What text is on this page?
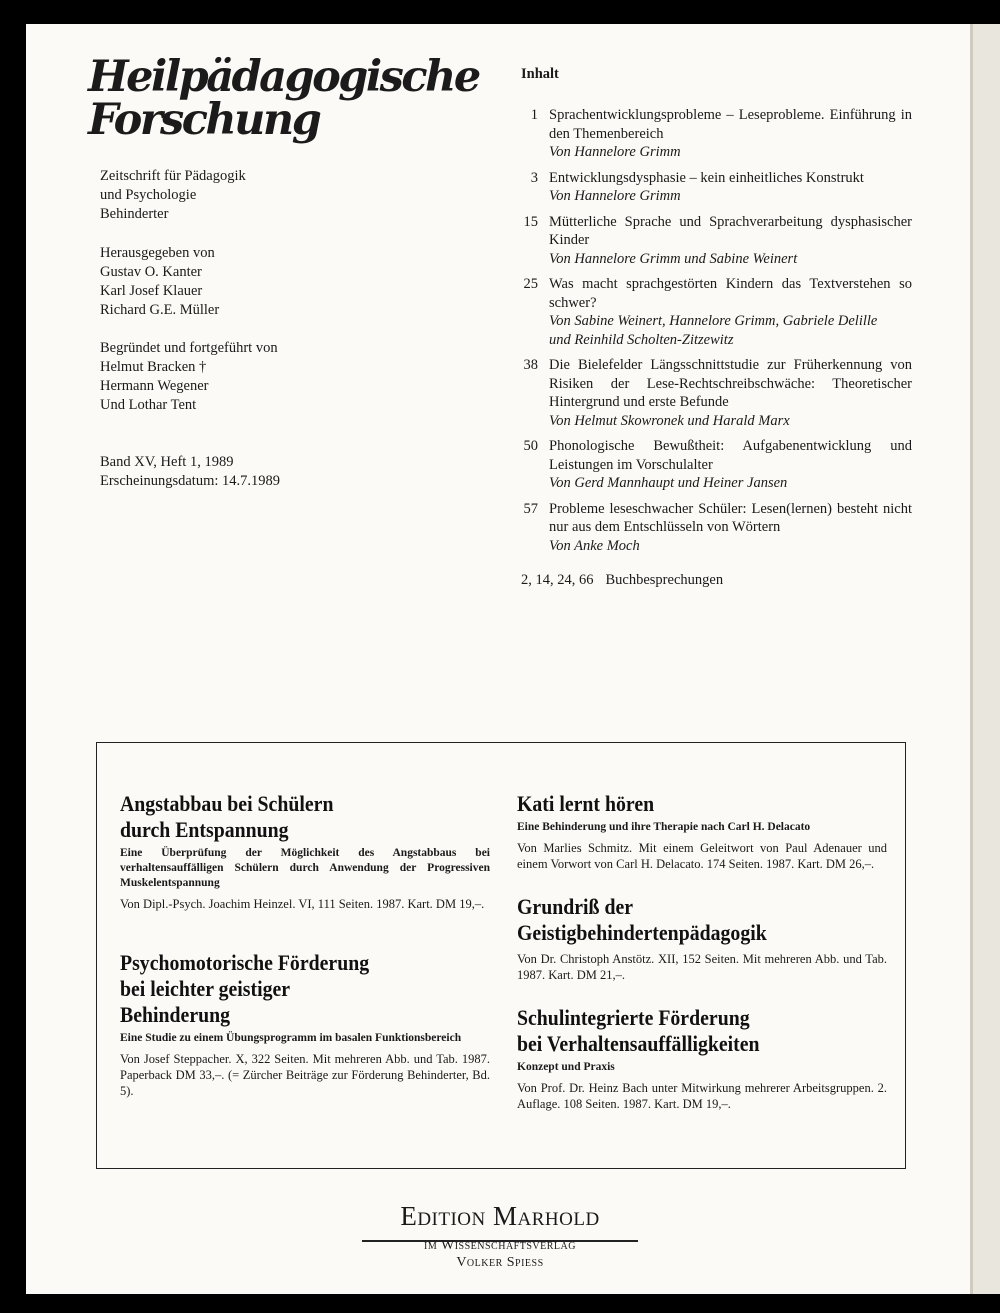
Heilpädagogische
Forschung
Zeitschrift für Pädagogik
und Psychologie
Behinderter
Herausgegeben von
Gustav O. Kanter
Karl Josef Klauer
Richard G.E. Müller
Begründet und fortgeführt von
Helmut Bracken †
Hermann Wegener
Und Lothar Tent
Band XV, Heft 1, 1989
Erscheinungsdatum: 14.7.1989
Inhalt
1 Sprachentwicklungsprobleme – Leseprobleme. Einführung in den Themenbereich
Von Hannelore Grimm
3 Entwicklungsdysphasie – kein einheitliches Konstrukt
Von Hannelore Grimm
15 Mütterliche Sprache und Sprachverarbeitung dysphasischer Kinder
Von Hannelore Grimm und Sabine Weinert
25 Was macht sprachgestörten Kindern das Textverstehen so schwer?
Von Sabine Weinert, Hannelore Grimm, Gabriele Delille
und Reinhild Scholten-Zitzewitz
38 Die Bielefelder Längsschnittstudie zur Früherkennung von Risiken der Lese-Rechtschreibschwäche: Theoretischer Hintergrund und erste Befunde
Von Helmut Skowronek und Harald Marx
50 Phonologische Bewußtheit: Aufgabenentwicklung und Leistungen im Vorschulalter
Von Gerd Mannhaupt und Heiner Jansen
57 Probleme leseschwacher Schüler: Lesen(lernen) besteht nicht nur aus dem Entschlüsseln von Wörtern
Von Anke Moch
2, 14, 24, 66 Buchbesprechungen
Angstabbau bei Schülern
durch Entspannung
Eine Überprüfung der Möglichkeit des Angstabbaus bei verhaltensauffälligen Schülern durch Anwendung der Progressiven Muskelentspannung
Von Dipl.-Psych. Joachim Heinzel. VI, 111 Seiten. 1987. Kart. DM 19,–.
Psychomotorische Förderung
bei leichter geistiger
Behinderung
Eine Studie zu einem Übungsprogramm im basalen Funktionsbereich
Von Josef Steppacher. X, 322 Seiten. Mit mehreren Abb. und Tab. 1987. Paperback DM 33,–. (= Zürcher Beiträge zur Förderung Behinderter, Bd. 5).
Kati lernt hören
Eine Behinderung und ihre Therapie nach Carl H. Delacato
Von Marlies Schmitz. Mit einem Geleitwort von Paul Adenauer und einem Vorwort von Carl H. Delacato. 174 Seiten. 1987. Kart. DM 26,–.
Grundriß der
Geistigbehindertenpädagogik
Von Dr. Christoph Anstötz. XII, 152 Seiten. Mit mehreren Abb. und Tab. 1987. Kart. DM 21,–.
Schulintegrierte Förderung
bei Verhaltensauffälligkeiten
Konzept und Praxis
Von Prof. Dr. Heinz Bach unter Mitwirkung mehrerer Arbeitsgruppen. 2. Auflage. 108 Seiten. 1987. Kart. DM 19,–.
Edition Marhold
im Wissenschaftsverlag
Volker Spiess
